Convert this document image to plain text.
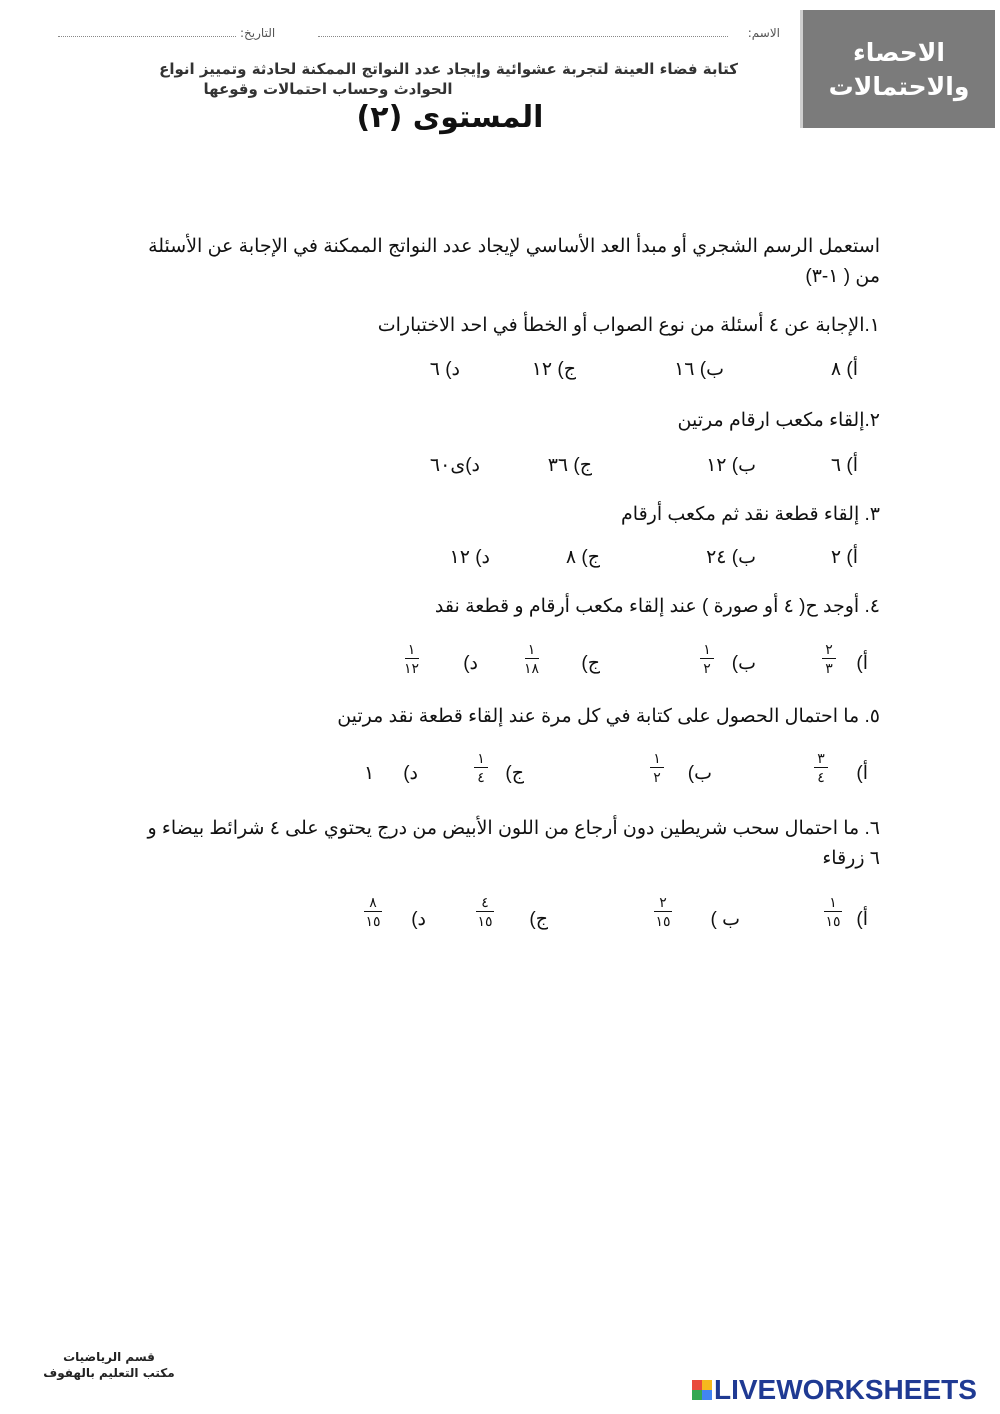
الاحصاء
والاحتمالات
الاسم:
التاريخ:
كتابة فضاء العينة لتجربة عشوائية وإيجاد عدد النواتج الممكنة لحادثة وتمييز انواع
الحوادث وحساب احتمالات وقوعها
المستوى (٢)
استعمل الرسم الشجري أو مبدأ العد الأساسي لإيجاد عدد النواتج الممكنة في الإجابة عن الأسئلة من ( ١-٣)
١.الإجابة عن ٤ أسئلة من نوع الصواب أو الخطأ في احد الاختبارات
أ) ٨
ب) ١٦
ج) ١٢
د) ٦
٢.إلقاء مكعب ارقام مرتين
أ) ٦
ب) ١٢
ج) ٣٦
د)ى٦٠
٣. إلقاء قطعة نقد ثم مكعب أرقام
أ) ٢
ب) ٢٤
ج) ٨
د) ١٢
٤. أوجد ح( ٤ أو صورة ) عند إلقاء مكعب أرقام و قطعة نقد
أ)
٢
٣
ب)
١
٢
ج)
١
١٨
د)
١
١٢
٥. ما احتمال الحصول على كتابة في كل مرة عند إلقاء قطعة نقد مرتين
أ)
٣
٤
ب)
١
٢
ج)
١
٤
د)
١
٦. ما احتمال سحب شريطين دون أرجاع من اللون الأبيض من درج يحتوي على ٤ شرائط بيضاء و ٦ زرقاء
أ)
١
١٥
ب )
٢
١٥
ج)
٤
١٥
د)
٨
١٥
قسم الرياضيات
مكتب التعليم بالهفوف
LIVEWORKSHEETS
